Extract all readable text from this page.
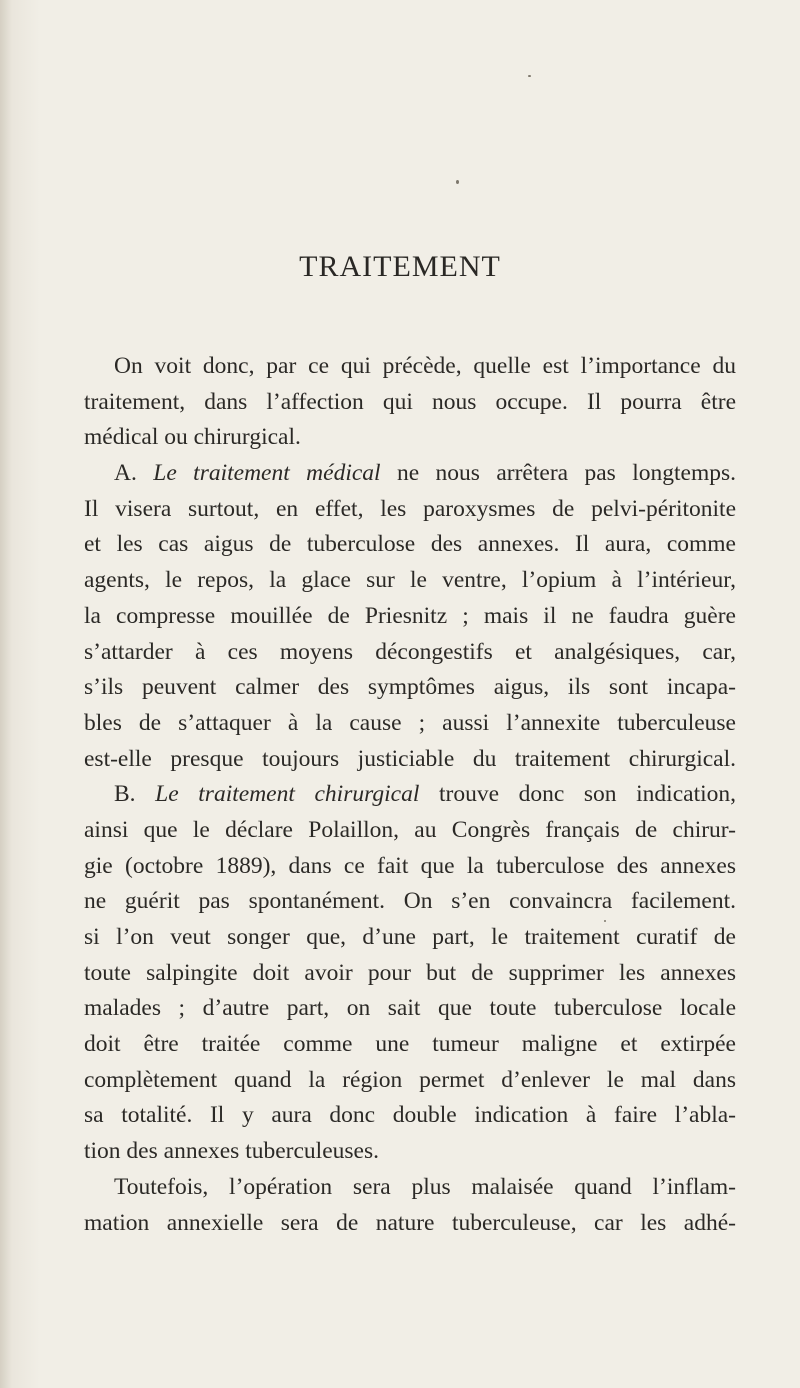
TRAITEMENT
On voit donc, par ce qui précède, quelle est l’importance du
traitement, dans l’affection qui nous occupe. Il pourra être
médical ou chirurgical.
A. Le traitement médical ne nous arrêtera pas longtemps.
Il visera surtout, en effet, les paroxysmes de pelvi-péritonite
et les cas aigus de tuberculose des annexes. Il aura, comme
agents, le repos, la glace sur le ventre, l’opium à l’intérieur,
la compresse mouillée de Priesnitz ; mais il ne faudra guère
s’attarder à ces moyens décongestifs et analgésiques, car,
s’ils peuvent calmer des symptômes aigus, ils sont incapa-
bles de s’attaquer à la cause ; aussi l’annexite tuberculeuse
est-elle presque toujours justiciable du traitement chirurgical.
B. Le traitement chirurgical trouve donc son indication,
ainsi que le déclare Polaillon, au Congrès français de chirur-
gie (octobre 1889), dans ce fait que la tuberculose des annexes
ne guérit pas spontanément. On s’en convaincra facilement.
si l’on veut songer que, d’une part, le traitement curatif de
toute salpingite doit avoir pour but de supprimer les annexes
malades ; d’autre part, on sait que toute tuberculose locale
doit être traitée comme une tumeur maligne et extirpée
complètement quand la région permet d’enlever le mal dans
sa totalité. Il y aura donc double indication à faire l’abla-
tion des annexes tuberculeuses.
Toutefois, l’opération sera plus malaisée quand l’inflam-
mation annexielle sera de nature tuberculeuse, car les adhé-
